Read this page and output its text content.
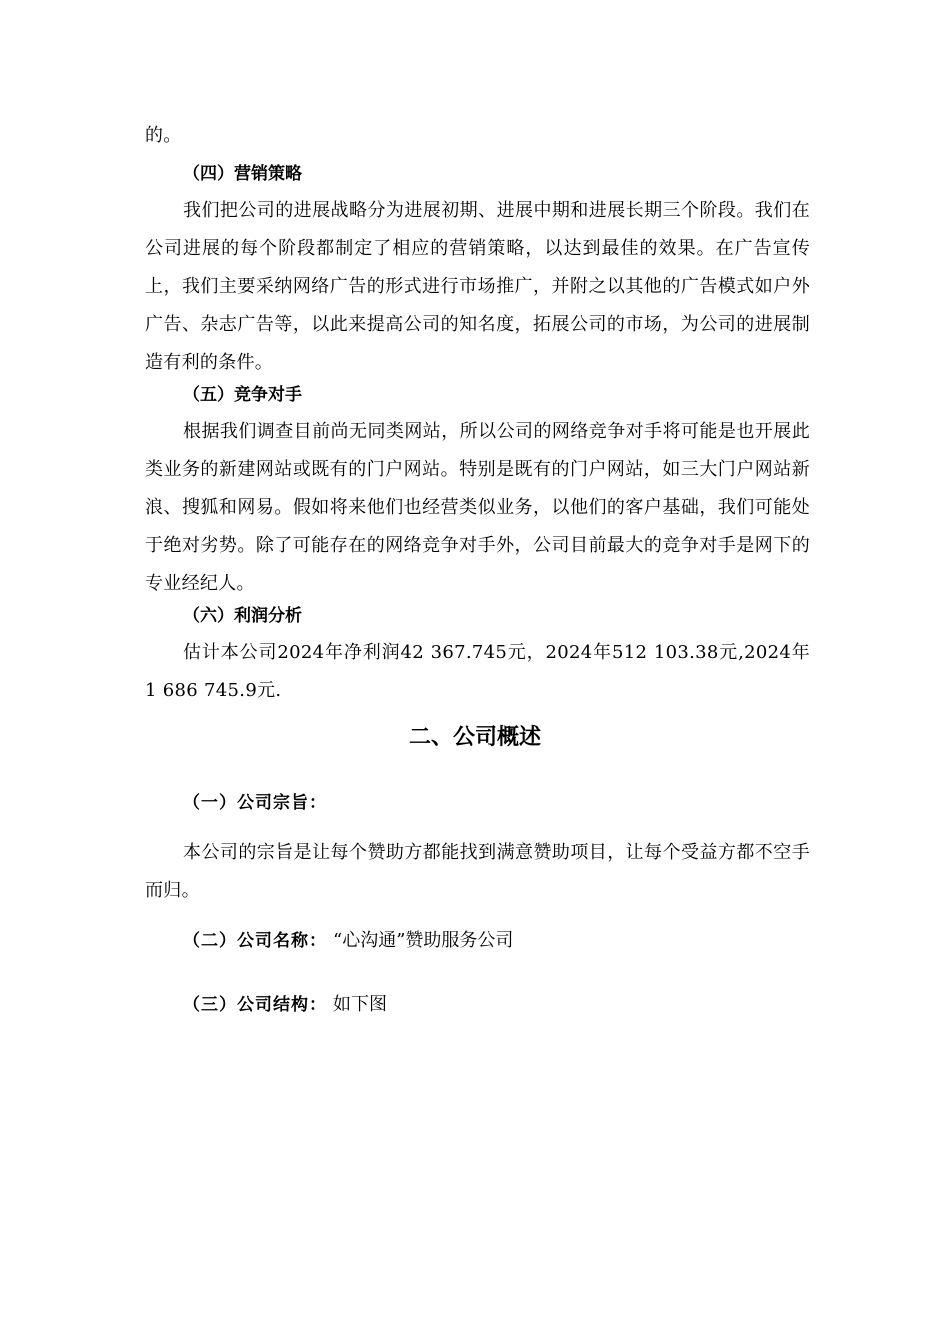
的。
（四）营销策略
我们把公司的进展战略分为进展初期、进展中期和进展长期三个阶段。我们在公司进展的每个阶段都制定了相应的营销策略，以达到最佳的效果。在广告宣传上，我们主要采纳网络广告的形式进行市场推广，并附之以其他的广告模式如户外广告、杂志广告等，以此来提高公司的知名度，拓展公司的市场，为公司的进展制造有利的条件。
（五）竞争对手
根据我们调查目前尚无同类网站，所以公司的网络竞争对手将可能是也开展此类业务的新建网站或既有的门户网站。特别是既有的门户网站，如三大门户网站新浪、搜狐和网易。假如将来他们也经营类似业务，以他们的客户基础，我们可能处于绝对劣势。除了可能存在的网络竞争对手外，公司目前最大的竞争对手是网下的专业经纪人。
（六）利润分析
估计本公司2024年净利润42 367.745元，2024年512 103.38元,2024年1 686 745.9元.
二、公司概述
（一）公司宗旨：
本公司的宗旨是让每个赞助方都能找到满意赞助项目，让每个受益方都不空手而归。
（二）公司名称： “心沟通”赞助服务公司
（三）公司结构： 如下图
